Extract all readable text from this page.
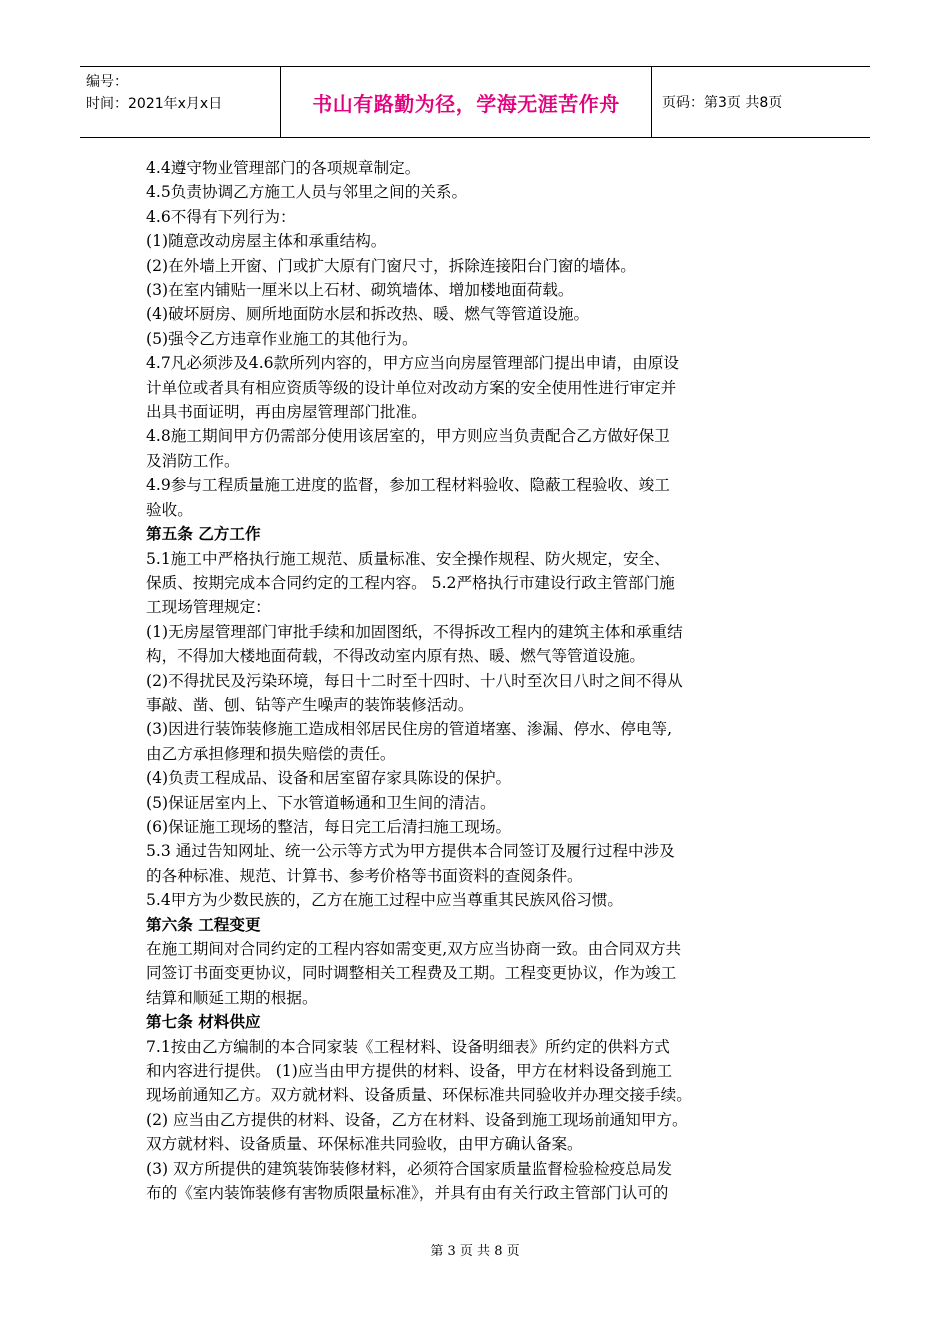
编号：
时间：2021年x月x日	书山有路勤为径，学海无涯苦作舟	页码：第3页 共8页

4.4遵守物业管理部门的各项规章制定。

4.5负责协调乙方施工人员与邻里之间的关系。

4.6不得有下列行为：

(1)随意改动房屋主体和承重结构。

(2)在外墙上开窗、门或扩大原有门窗尺寸，拆除连接阳台门窗的墙体。

(3)在室内铺贴一厘米以上石材、砌筑墙体、增加楼地面荷载。

(4)破坏厨房、厕所地面防水层和拆改热、暖、燃气等管道设施。

(5)强令乙方违章作业施工的其他行为。

4.7凡必须涉及4.6款所列内容的，甲方应当向房屋管理部门提出申请，由原设

计单位或者具有相应资质等级的设计单位对改动方案的安全使用性进行审定并

出具书面证明，再由房屋管理部门批准。

4.8施工期间甲方仍需部分使用该居室的，甲方则应当负责配合乙方做好保卫

及消防工作。

4.9参与工程质量施工进度的监督，参加工程材料验收、隐蔽工程验收、竣工

验收。

第五条 乙方工作

5.1施工中严格执行施工规范、质量标准、安全操作规程、防火规定，安全、

保质、按期完成本合同约定的工程内容。 5.2严格执行市建设行政主管部门施

工现场管理规定：

(1)无房屋管理部门审批手续和加固图纸，不得拆改工程内的建筑主体和承重结

构，不得加大楼地面荷载，不得改动室内原有热、暖、燃气等管道设施。

(2)不得扰民及污染环境，每日十二时至十四时、十八时至次日八时之间不得从

事敲、凿、刨、钻等产生噪声的装饰装修活动。

(3)因进行装饰装修施工造成相邻居民住房的管道堵塞、渗漏、停水、停电等,

由乙方承担修理和损失赔偿的责任。

(4)负责工程成品、设备和居室留存家具陈设的保护。

(5)保证居室内上、下水管道畅通和卫生间的清洁。

(6)保证施工现场的整洁，每日完工后清扫施工现场。

5.3 通过告知网址、统一公示等方式为甲方提供本合同签订及履行过程中涉及

的各种标准、规范、计算书、参考价格等书面资料的查阅条件。

5.4甲方为少数民族的，乙方在施工过程中应当尊重其民族风俗习惯。

第六条 工程变更

在施工期间对合同约定的工程内容如需变更,双方应当协商一致。由合同双方共

同签订书面变更协议，同时调整相关工程费及工期。工程变更协议，作为竣工

结算和顺延工期的根据。

第七条 材料供应

7.1按由乙方编制的本合同家装《工程材料、设备明细表》所约定的供料方式

和内容进行提供。 (1)应当由甲方提供的材料、设备，甲方在材料设备到施工

现场前通知乙方。双方就材料、设备质量、环保标准共同验收并办理交接手续。

(2) 应当由乙方提供的材料、设备，乙方在材料、设备到施工现场前通知甲方。

双方就材料、设备质量、环保标准共同验收，由甲方确认备案。

(3) 双方所提供的建筑装饰装修材料，必须符合国家质量监督检验检疫总局发

布的《室内装饰装修有害物质限量标准》，并具有由有关行政主管部门认可的

第 3 页 共 8 页
